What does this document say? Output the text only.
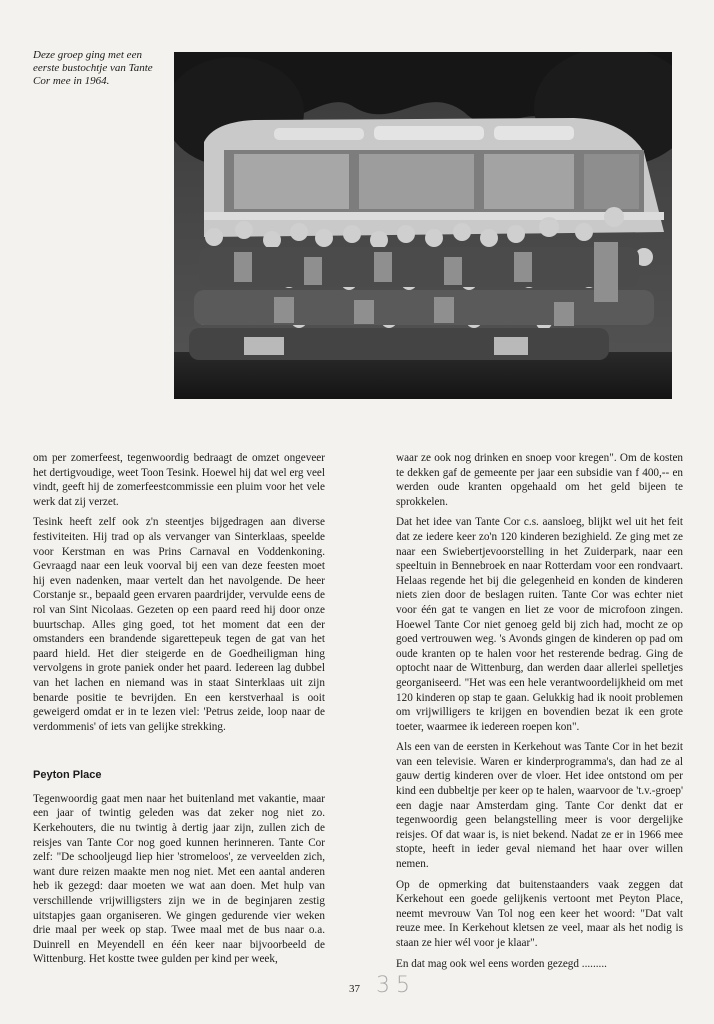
Deze groep ging met een eerste bustochtje van Tante Cor mee in 1964.

om per zomerfeest, tegenwoordig bedraagt de omzet ongeveer het dertigvoudige, weet Toon Tesink. Hoewel hij dat wel erg veel vindt, geeft hij de zomerfeestcommissie een pluim voor het vele werk dat zij verzet.

Tesink heeft zelf ook z'n steentjes bijgedragen aan diverse festiviteiten. Hij trad op als vervanger van Sinterklaas, speelde voor Kerstman en was Prins Carnaval en Voddenkoning. Gevraagd naar een leuk voorval bij een van deze feesten moet hij even nadenken, maar vertelt dan het navolgende. De heer Corstanje sr., bepaald geen ervaren paardrijder, vervulde eens de rol van Sint Nicolaas. Gezeten op een paard reed hij door onze buurtschap. Alles ging goed, tot het moment dat een der omstanders een brandende sigarettepeuk tegen de gat van het paard hield. Het dier steigerde en de Goedheiligman hing vervolgens in grote paniek onder het paard. Iedereen lag dubbel van het lachen en niemand was in staat Sinterklaas uit zijn benarde positie te bevrijden. En een kerstverhaal is ooit geweigerd omdat er in te lezen viel: 'Petrus zeide, loop naar de verdommenis' of iets van gelijke strekking.

Peyton Place

Tegenwoordig gaat men naar het buitenland met vakantie, maar een jaar of twintig geleden was dat zeker nog niet zo. Kerkehouters, die nu twintig à dertig jaar zijn, zullen zich de reisjes van Tante Cor nog goed kunnen herinneren. Tante Cor zelf: "De schooljeugd liep hier 'stromeloos', ze verveelden zich, want dure reizen maakte men nog niet. Met een aantal anderen heb ik gezegd: daar moeten we wat aan doen. Met hulp van verschillende vrijwilligsters zijn we in de beginjaren zestig uitstapjes gaan organiseren. We gingen gedurende vier weken drie maal per week op stap. Twee maal met de bus naar o.a. Duinrell en Meyendell en één keer naar bijvoorbeeld de Wittenburg. Het kostte twee gulden per kind per week,

waar ze ook nog drinken en snoep voor kregen". Om de kosten te dekken gaf de gemeente per jaar een subsidie van f 400,-- en werden oude kranten opgehaald om het geld bijeen te sprokkelen.

Dat het idee van Tante Cor c.s. aansloeg, blijkt wel uit het feit dat ze iedere keer zo'n 120 kinderen bezighield. Ze ging met ze naar een Swiebertjevoorstelling in het Zuiderpark, naar een speeltuin in Bennebroek en naar Rotterdam voor een rondvaart. Helaas regende het bij die gelegenheid en konden de kinderen niets zien door de beslagen ruiten. Tante Cor was echter niet voor één gat te vangen en liet ze voor de microfoon zingen. Hoewel Tante Cor niet genoeg geld bij zich had, mocht ze op goed vertrouwen weg. 's Avonds gingen de kinderen op pad om oude kranten op te halen voor het resterende bedrag. Ging de optocht naar de Wittenburg, dan werden daar allerlei spelletjes georganiseerd. "Het was een hele verantwoordelijkheid om met 120 kinderen op stap te gaan. Gelukkig had ik nooit problemen om vrijwilligers te krijgen en bovendien bezat ik een grote toeter, waarmee ik iedereen roepen kon".

Als een van de eersten in Kerkehout was Tante Cor in het bezit van een televisie. Waren er kinderprogramma's, dan had ze al gauw dertig kinderen over de vloer. Het idee ontstond om per kind een dubbeltje per keer op te halen, waarvoor de 't.v.-groep' een dagje naar Amsterdam ging. Tante Cor denkt dat er tegenwoordig geen belangstelling meer is voor dergelijke reisjes. Of dat waar is, is niet bekend. Nadat ze er in 1966 mee stopte, heeft in ieder geval niemand het haar over willen nemen.

Op de opmerking dat buitenstaanders vaak zeggen dat Kerkehout een goede gelijkenis vertoont met Peyton Place, neemt mevrouw Van Tol nog een keer het woord: "Dat valt reuze mee. In Kerkehout kletsen ze veel, maar als het nodig is staan ze hier wél voor je klaar".

En dat mag ook wel eens worden gezegd .........

37 35
